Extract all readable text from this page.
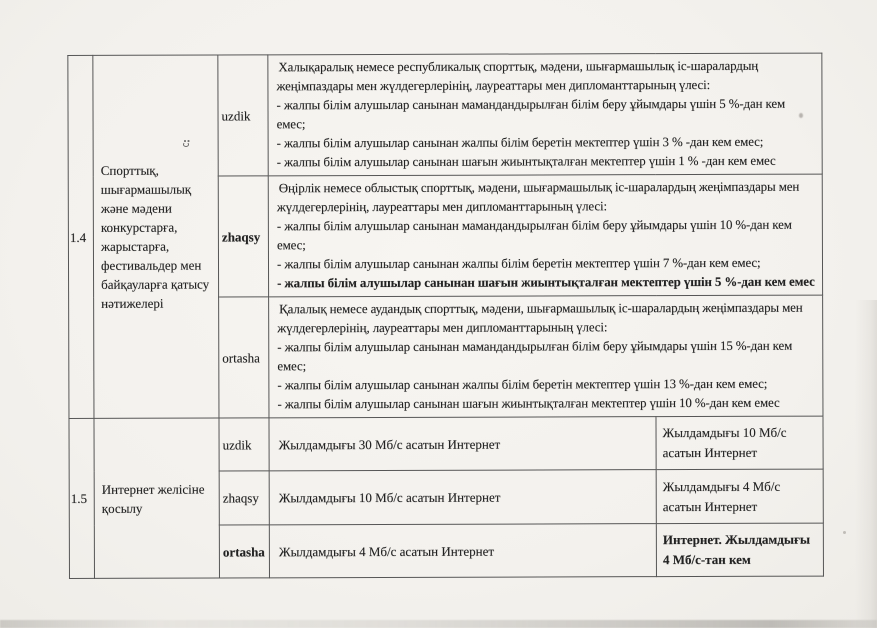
1.4	Спорттық, шығармашылық және мәдени конкурстарға, жарыстарға, фестивальдер мен байқауларға қатысу нәтижелері	uzdik	Халықаралық немесе республикалық спорттық, мәдени, шығармашылық іс-шаралардың жеңімпаздары мен жүлдегерлерінің, лауреаттары мен дипломанттарының үлесі:

- жалпы білім алушылар санынан мамандандырылған білім беру ұйымдары үшін 5 %-дан кем емес;

- жалпы білім алушылар санынан жалпы білім беретін мектептер үшін 3 % -дан кем емес;

- жалпы білім алушылар санынан шағын жиынтықталған мектептер үшін 1 % -дан кем емес	

		zhaqsy	Өңірлік немесе облыстық спорттық, мәдени, шығармашылық іс-шаралардың жеңімпаздары мен жүлдегерлерінің, лауреаттары мен дипломанттарының үлесі:

- жалпы білім алушылар санынан мамандандырылған білім беру ұйымдары үшін 10 %-дан кем емес;

- жалпы білім алушылар санынан жалпы білім беретін мектептер үшін 7 %-дан кем емес;

- жалпы білім алушылар санынан шағын жиынтықталған мектептер үшін 5 %-дан кем емес	

		ortasha	Қалалық немесе аудандық спорттық, мәдени, шығармашылық іс-шаралардың жеңімпаздары мен жүлдегерлерінің, лауреаттары мен дипломанттарының үлесі:

- жалпы білім алушылар санынан мамандандырылған білім беру ұйымдары үшін 15 %-дан кем емес;

- жалпы білім алушылар санынан жалпы білім беретін мектептер үшін 13 %-дан кем емес;

- жалпы білім алушылар санынан шағын жиынтықталған мектептер үшін 10 %-дан кем емес	

1.5	Интернет желісіне қосылу	uzdik	Жылдамдығы 30 Мб/с асатын Интернет	Жылдамдығы 10 Мб/с асатын Интернет
		zhaqsy	Жылдамдығы 10 Мб/с асатын Интернет	Жылдамдығы 4 Мб/с асатын Интернет
		ortasha	Жылдамдығы 4 Мб/с асатын Интернет	Интернет. Жылдамдығы 4 Мб/с-тан кем
